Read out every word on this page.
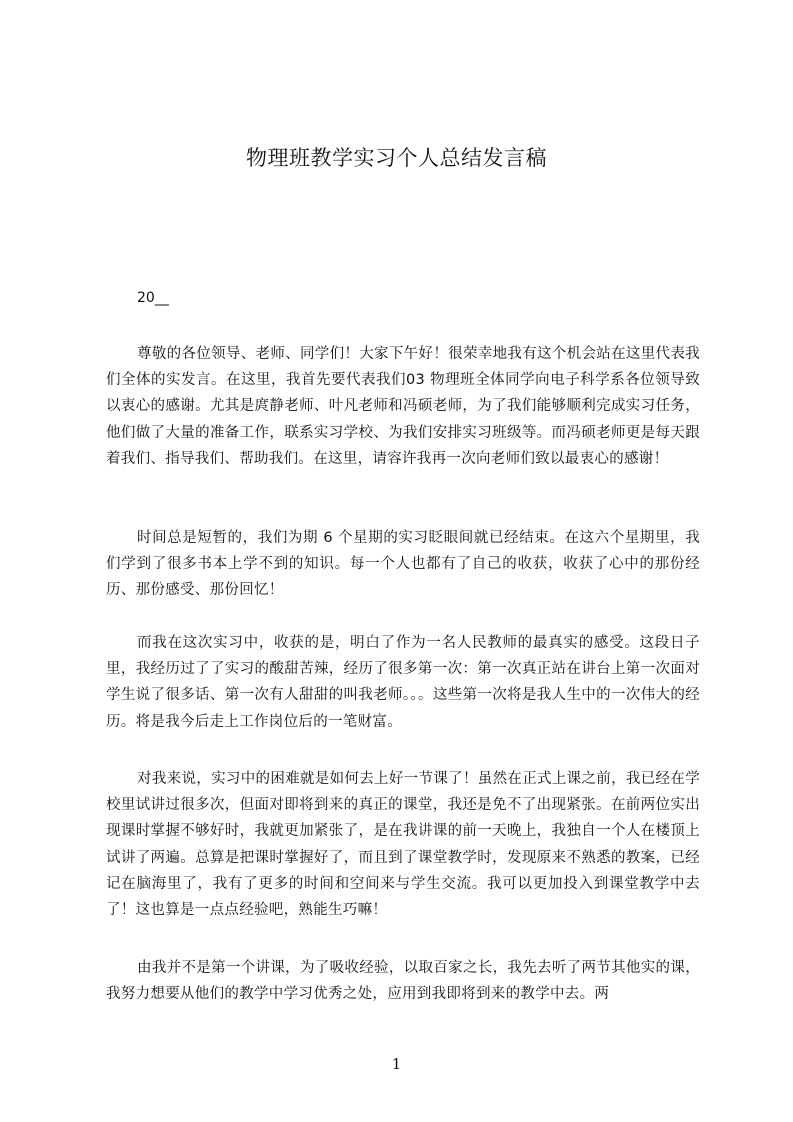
物理班教学实习个人总结发言稿
20__

尊敬的各位领导、老师、同学们！大家下午好！很荣幸地我有这个机会站在这里代表我们全体的实发言。在这里，我首先要代表我们03 物理班全体同学向电子科学系各位领导致以衷心的感谢。尤其是庹静老师、叶凡老师和冯硕老师，为了我们能够顺利完成实习任务，他们做了大量的准备工作，联系实习学校、为我们安排实习班级等。而冯硕老师更是每天跟着我们、指导我们、帮助我们。在这里，请容许我再一次向老师们致以最衷心的感谢！

时间总是短暂的，我们为期 6 个星期的实习眨眼间就已经结束。在这六个星期里，我们学到了很多书本上学不到的知识。每一个人也都有了自己的收获，收获了心中的那份经历、那份感受、那份回忆！

而我在这次实习中，收获的是，明白了作为一名人民教师的最真实的感受。这段日子里，我经历过了了实习的酸甜苦辣，经历了很多第一次：第一次真正站在讲台上第一次面对学生说了很多话、第一次有人甜甜的叫我老师。。。这些第一次将是我人生中的一次伟大的经历。将是我今后走上工作岗位后的一笔财富。

对我来说，实习中的困难就是如何去上好一节课了！虽然在正式上课之前，我已经在学校里试讲过很多次，但面对即将到来的真正的课堂，我还是免不了出现紧张。在前两位实出现课时掌握不够好时，我就更加紧张了，是在我讲课的前一天晚上，我独自一个人在楼顶上试讲了两遍。总算是把课时掌握好了，而且到了课堂教学时，发现原来不熟悉的教案，已经记在脑海里了，我有了更多的时间和空间来与学生交流。我可以更加投入到课堂教学中去了！这也算是一点点经验吧，熟能生巧嘛！

由我并不是第一个讲课，为了吸收经验，以取百家之长，我先去听了两节其他实的课，我努力想要从他们的教学中学习优秀之处，应用到我即将到来的教学中去。两

1
